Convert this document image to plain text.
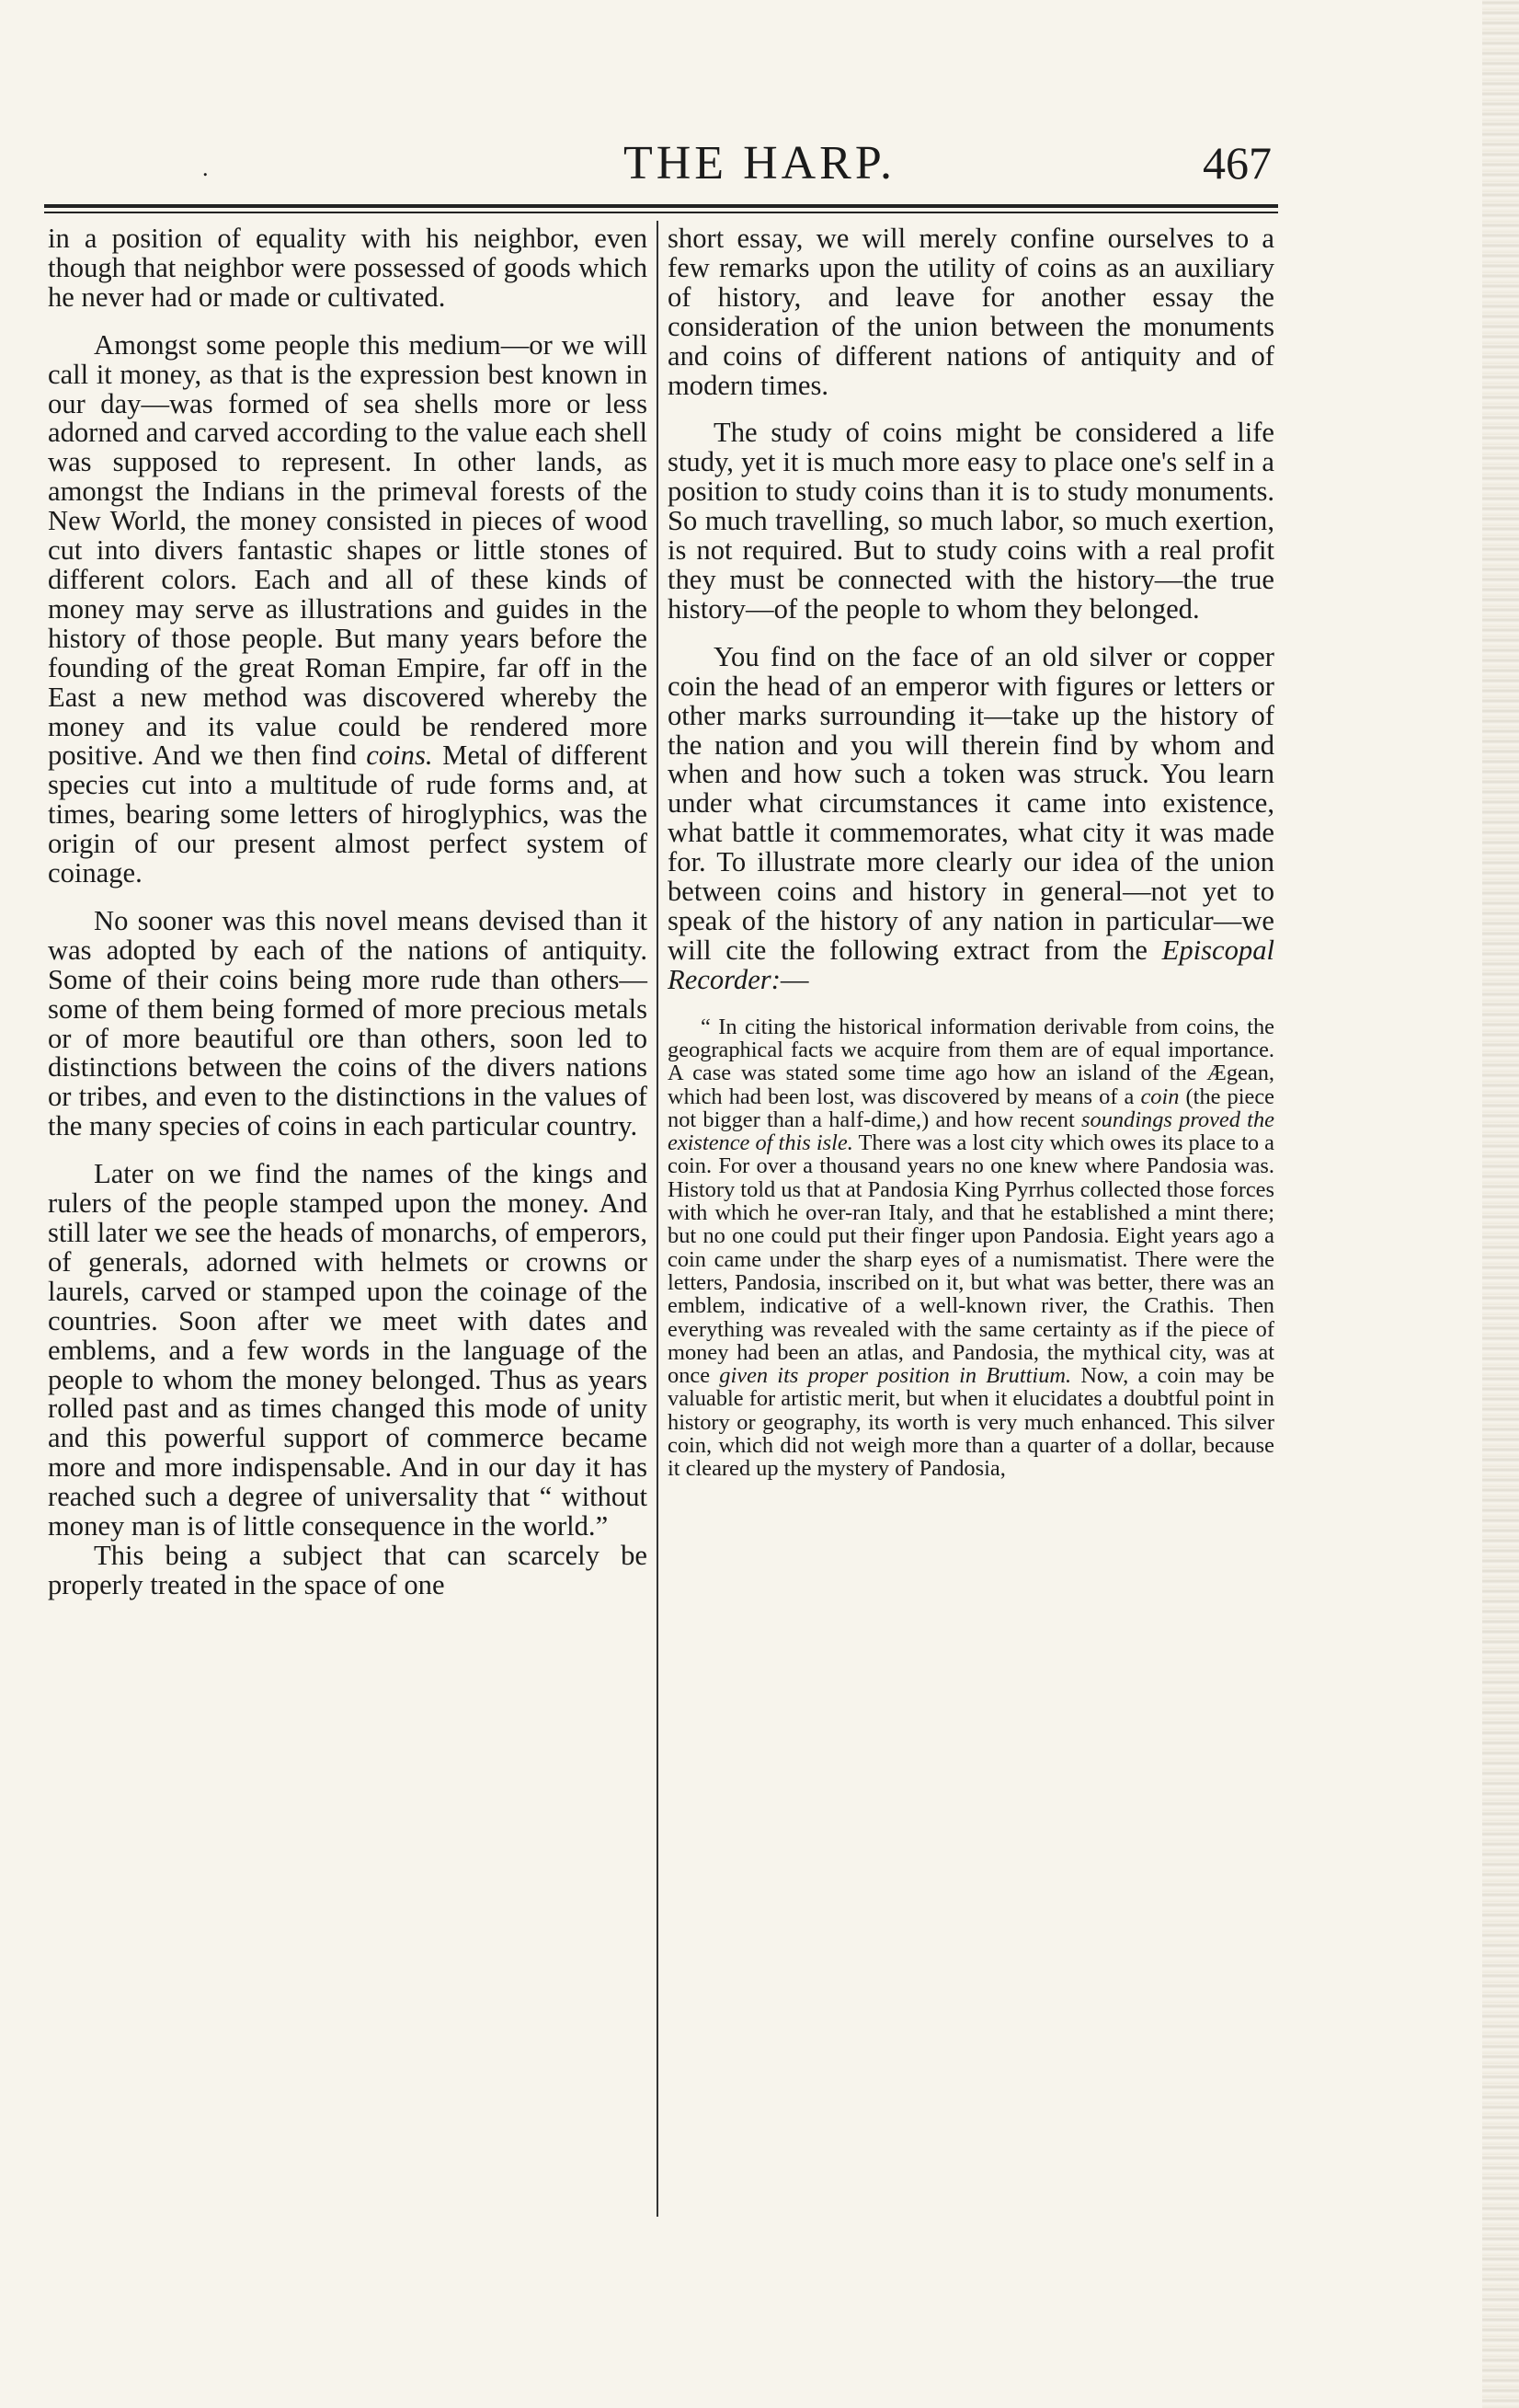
.	THE HARP.	467

in a position of equality with his neighbor, even though that neighbor were possessed of goods which he never had or made or cultivated.

Amongst some people this medium—or we will call it money, as that is the expression best known in our day—was formed of sea shells more or less adorned and carved according to the value each shell was supposed to represent. In other lands, as amongst the Indians in the primeval forests of the New World, the money consisted in pieces of wood cut into divers fantastic shapes or little stones of different colors. Each and all of these kinds of money may serve as illustrations and guides in the history of those people. But many years before the founding of the great Roman Empire, far off in the East a new method was discovered whereby the money and its value could be rendered more positive. And we then find coins. Metal of different species cut into a multitude of rude forms and, at times, bearing some letters of hiroglyphics, was the origin of our present almost perfect system of coinage.

No sooner was this novel means devised than it was adopted by each of the nations of antiquity. Some of their coins being more rude than others—some of them being formed of more precious metals or of more beautiful ore than others, soon led to distinctions between the coins of the divers nations or tribes, and even to the distinctions in the values of the many species of coins in each particular country.

Later on we find the names of the kings and rulers of the people stamped upon the money. And still later we see the heads of monarchs, of emperors, of generals, adorned with helmets or crowns or laurels, carved or stamped upon the coinage of the countries. Soon after we meet with dates and emblems, and a few words in the language of the people to whom the money belonged. Thus as years rolled past and as times changed this mode of unity and this powerful support of commerce became more and more indispensable. And in our day it has reached such a degree of universality that “ without money man is of little consequence in the world.”

This being a subject that can scarcely be properly treated in the space of one

short essay, we will merely confine ourselves to a few remarks upon the utility of coins as an auxiliary of history, and leave for another essay the consideration of the union between the monuments and coins of different nations of antiquity and of modern times.

The study of coins might be considered a life study, yet it is much more easy to place one's self in a position to study coins than it is to study monuments. So much travelling, so much labor, so much exertion, is not required. But to study coins with a real profit they must be connected with the history—the true history—of the people to whom they belonged.

You find on the face of an old silver or copper coin the head of an emperor with figures or letters or other marks surrounding it—take up the history of the nation and you will therein find by whom and when and how such a token was struck. You learn under what circumstances it came into existence, what battle it commemorates, what city it was made for. To illustrate more clearly our idea of the union between coins and history in general—not yet to speak of the history of any nation in particular—we will cite the following extract from the Episcopal Recorder:—

“ In citing the historical information derivable from coins, the geographical facts we acquire from them are of equal importance. A case was stated some time ago how an island of the Ægean, which had been lost, was discovered by means of a coin (the piece not bigger than a half-dime,) and how recent soundings proved the existence of this isle. There was a lost city which owes its place to a coin. For over a thousand years no one knew where Pandosia was. History told us that at Pandosia King Pyrrhus collected those forces with which he over-ran Italy, and that he established a mint there; but no one could put their finger upon Pandosia. Eight years ago a coin came under the sharp eyes of a numismatist. There were the letters, Pandosia, inscribed on it, but what was better, there was an emblem, indicative of a well-known river, the Crathis. Then everything was revealed with the same certainty as if the piece of money had been an atlas, and Pandosia, the mythical city, was at once given its proper position in Bruttium. Now, a coin may be valuable for artistic merit, but when it elucidates a doubtful point in history or geography, its worth is very much enhanced. This silver coin, which did not weigh more than a quarter of a dollar, because it cleared up the mystery of Pandosia,
